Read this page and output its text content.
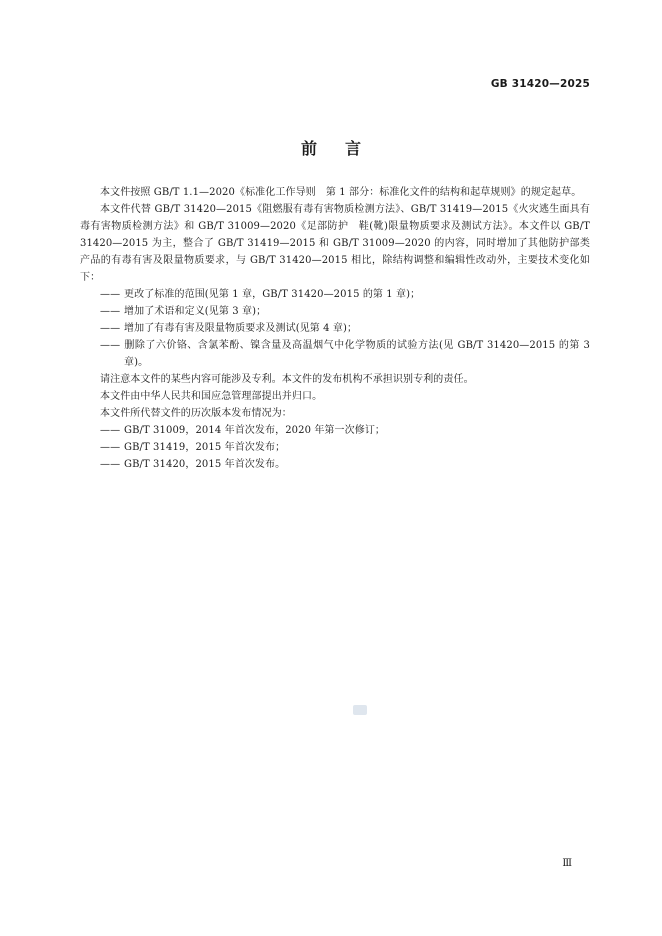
GB 31420—2025
前言

本文件按照 GB/T 1.1—2020《标准化工作导则　第 1 部分：标准化文件的结构和起草规则》的规定起草。

本文件代替 GB/T 31420—2015《阻燃服有毒有害物质检测方法》、GB/T 31419—2015《火灾逃生面具有毒有害物质检测方法》和 GB/T 31009—2020《足部防护　鞋(靴)限量物质要求及测试方法》。本文件以 GB/T 31420—2015 为主，整合了 GB/T 31419—2015 和 GB/T 31009—2020 的内容，同时增加了其他防护部类产品的有毒有害及限量物质要求，与 GB/T 31420—2015 相比，除结构调整和编辑性改动外，主要技术变化如下：

—— 更改了标准的范围(见第 1 章，GB/T 31420—2015 的第 1 章)；

—— 增加了术语和定义(见第 3 章)；

—— 增加了有毒有害及限量物质要求及测试(见第 4 章)；

—— 删除了六价铬、含氯苯酚、镍含量及高温烟气中化学物质的试验方法(见 GB/T 31420—2015 的第 3 章)。

请注意本文件的某些内容可能涉及专利。本文件的发布机构不承担识别专利的责任。

本文件由中华人民共和国应急管理部提出并归口。

本文件所代替文件的历次版本发布情况为：

—— GB/T 31009，2014 年首次发布，2020 年第一次修订；

—— GB/T 31419，2015 年首次发布；

—— GB/T 31420，2015 年首次发布。

Ⅲ
